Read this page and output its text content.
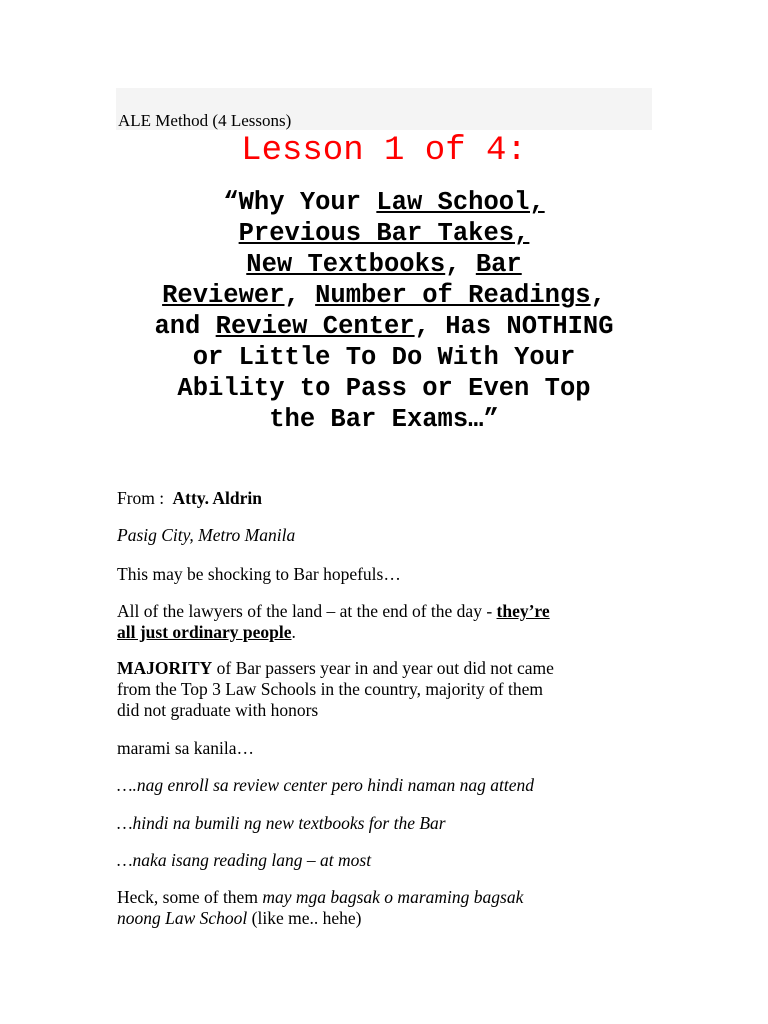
ALE Method (4 Lessons)
Lesson 1 of 4:
“Why Your Law School,
Previous Bar Takes,
New Textbooks, Bar
Reviewer, Number of Readings,
and Review Center, Has NOTHING
or Little To Do With Your
Ability to Pass or Even Top
the Bar Exams…”
From : Atty. Aldrin
Pasig City, Metro Manila
This may be shocking to Bar hopefuls…
All of the lawyers of the land – at the end of the day - they’re
all just ordinary people.
MAJORITY of Bar passers year in and year out did not came
from the Top 3 Law Schools in the country, majority of them
did not graduate with honors
marami sa kanila…
….nag enroll sa review center pero hindi naman nag attend
…hindi na bumili ng new textbooks for the Bar
…naka isang reading lang – at most
Heck, some of them may mga bagsak o maraming bagsak
noong Law School (like me.. hehe)
